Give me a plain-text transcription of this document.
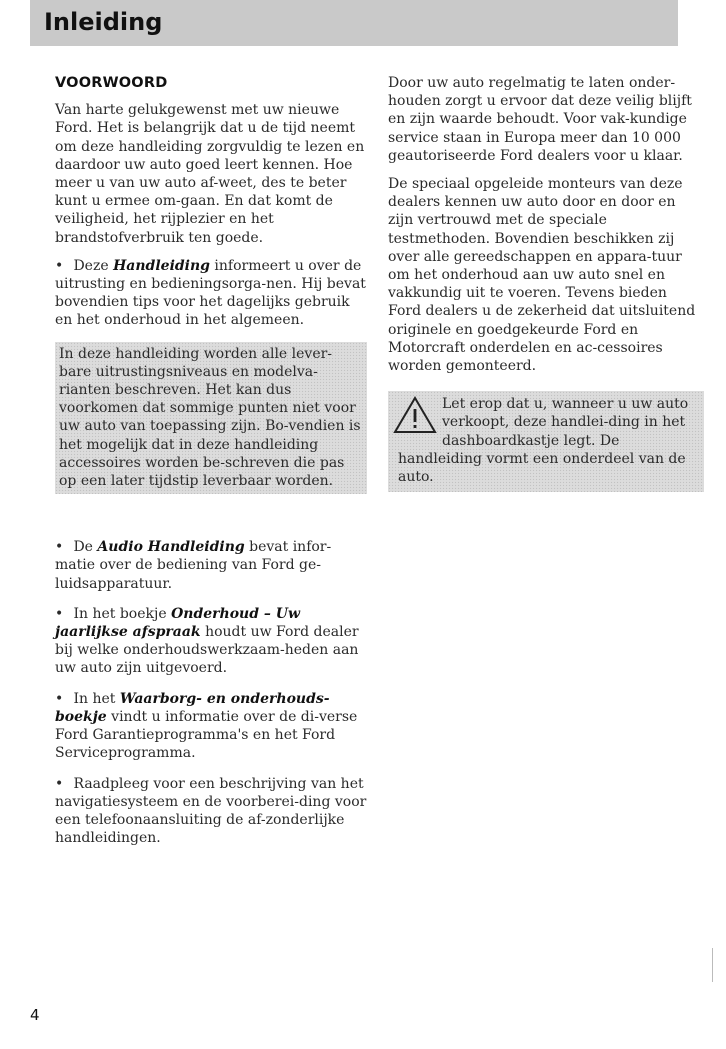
Inleiding
VOORWOORD

Van harte gelukgewenst met uw nieuwe Ford. Het is belangrijk dat u de tijd neemt om deze handleiding zorgvuldig te lezen en daardoor uw auto goed leert kennen. Hoe meer u van uw auto af-weet, des te beter kunt u ermee om-gaan. En dat komt de veiligheid, het rijplezier en het brandstofverbruik ten goede.

• Deze Handleiding informeert u over de uitrusting en bedieningsorga-nen. Hij bevat bovendien tips voor het dagelijks gebruik en het onderhoud in het algemeen.

In deze handleiding worden alle lever-bare uitrustingsniveaus en modelva-rianten beschreven. Het kan dus voorkomen dat sommige punten niet voor uw auto van toepassing zijn. Bo-vendien is het mogelijk dat in deze handleiding accessoires worden be-schreven die pas op een later tijdstip leverbaar worden.

• De Audio Handleiding bevat infor-matie over de bediening van Ford ge-luidsapparatuur.

• In het boekje Onderhoud – Uw jaarlijkse afspraak houdt uw Ford dealer bij welke onderhoudswerkzaam-heden aan uw auto zijn uitgevoerd.

• In het Waarborg- en onderhouds-boekje vindt u informatie over de di-verse Ford Garantieprogramma's en het Ford Serviceprogramma.

• Raadpleeg voor een beschrijving van het navigatiesysteem en de voorberei-ding voor een telefoonaansluiting de af-zonderlijke handleidingen.

Door uw auto regelmatig te laten onder-houden zorgt u ervoor dat deze veilig blijft en zijn waarde behoudt. Voor vak-kundige service staan in Europa meer dan 10 000 geautoriseerde Ford dealers voor u klaar.

De speciaal opgeleide monteurs van deze dealers kennen uw auto door en door en zijn vertrouwd met de speciale testmethoden. Bovendien beschikken zij over alle gereedschappen en appara-tuur om het onderhoud aan uw auto snel en vakkundig uit te voeren. Tevens bieden Ford dealers u de zekerheid dat uitsluitend originele en goedgekeurde Ford en Motorcraft onderdelen en ac-cessoires worden gemonteerd.

Let erop dat u, wanneer u uw auto verkoopt, deze handlei-ding in het dashboardkastje legt. De handleiding vormt een onderdeel van de auto.
4
